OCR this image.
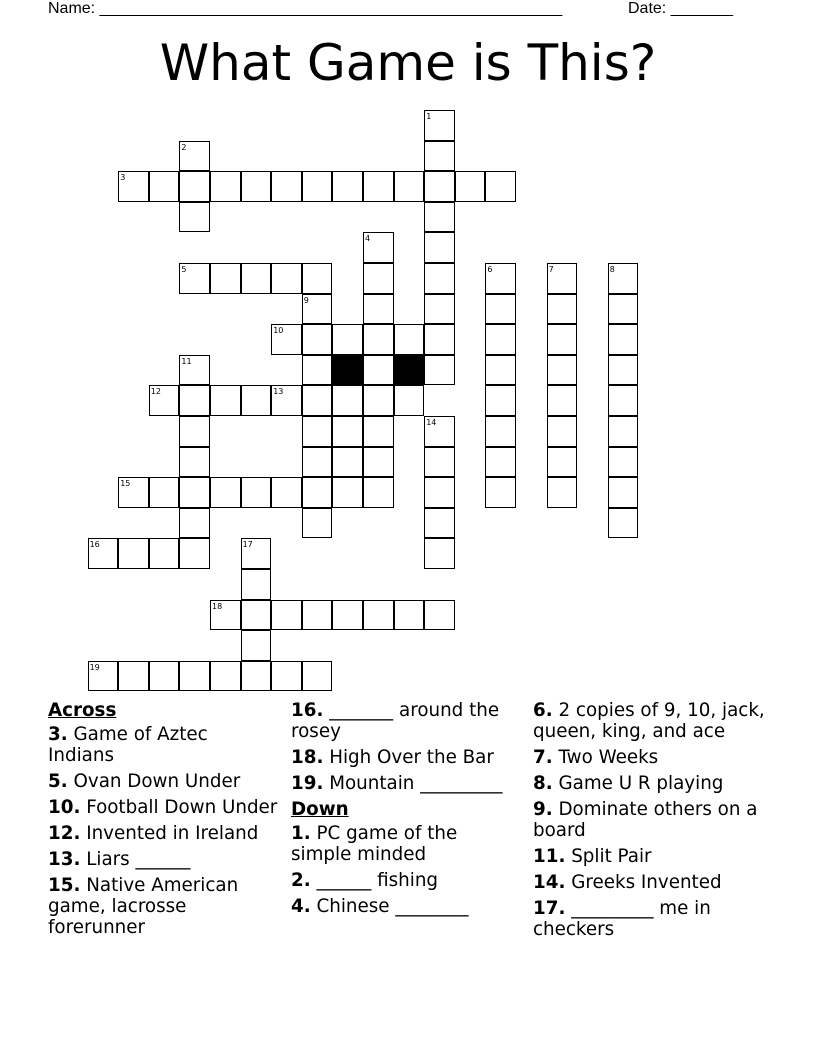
Name: ____________________________________________________	Date: _______
What Game is This?
1
2
3
4
5	6	7	8
9
10
11
12	13
14
15
16	17
18
19
Across
3. Game of Aztec Indians
5. Ovan Down Under
10. Football Down Under
12. Invented in Ireland
13. Liars ______
15. Native American game, lacrosse forerunner
16. _______ around the rosey
18. High Over the Bar
19. Mountain _________
Down
1. PC game of the simple minded
2. ______ fishing
4. Chinese ________
6. 2 copies of 9, 10, jack, queen, king, and ace
7. Two Weeks
8. Game U R playing
9. Dominate others on a board
11. Split Pair
14. Greeks Invented
17. _________ me in checkers
